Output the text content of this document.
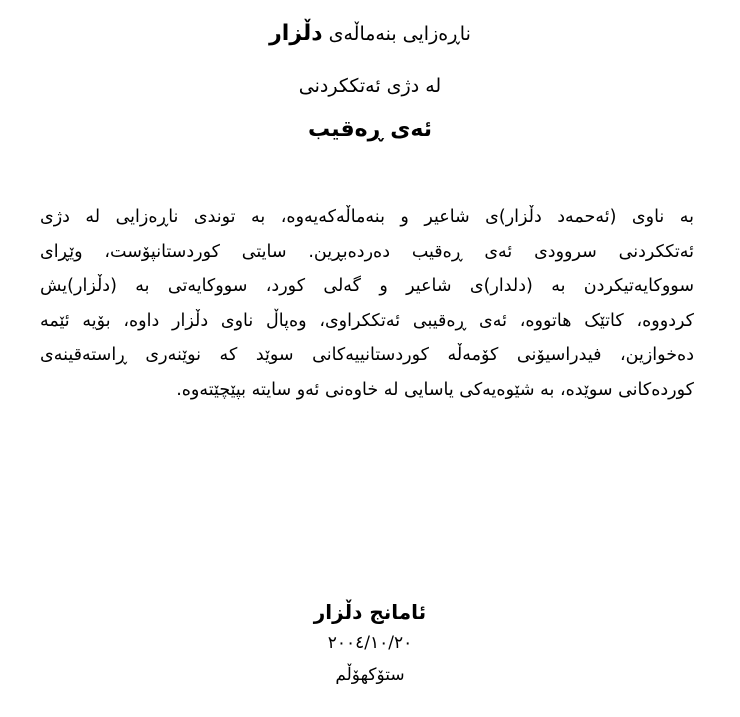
ناڕەزایی بنەماڵەی دڵزار
لە دژی ئەتککردنی
ئەی ڕەقیب
بە ناوی (ئەحمەد دڵزار)ی شاعیر و بنەماڵەکەیەوە، بە توندی ناڕەزایی لە دژی
ئەتککردنی سروودی ئەی ڕەقیب دەردەبڕین. سایتی کوردستانپۆست، وێڕای
سووکایەتیکردن بە (دلدار)ی شاعیر و گەلی کورد، سووکایەتی بە (دڵزار)یش
کردووە، کاتێک هاتووە، ئەی ڕەقیبی ئەتککراوی، وەپاڵ ناوی دڵزار داوە، بۆیە ئێمە
دەخوازین، فیدراسیۆنی کۆمەڵە کوردستانییەکانی سوێد کە نوێنەری ڕاستەقینەی
کوردەکانی سوێدە، بە شێوەیەکی یاسایی لە خاوەنی ئەو سایتە بپێچێتەوە.
ئامانج دڵزار
٢٠٠٤/١٠/٢٠
ستۆکهۆڵم
